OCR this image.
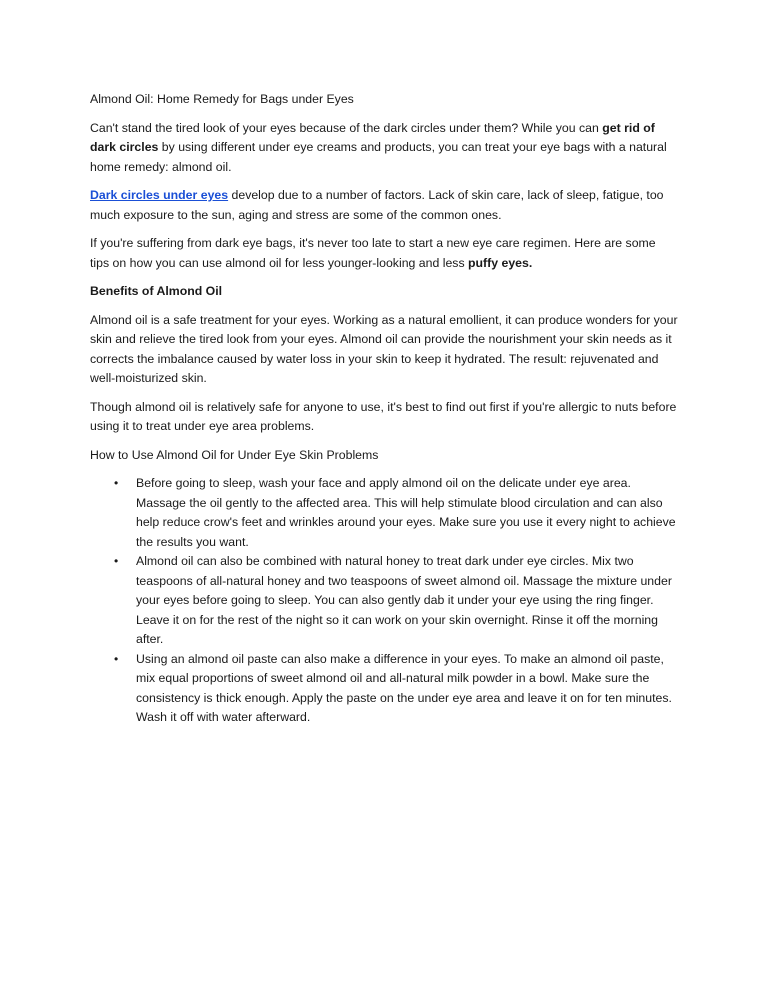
Almond Oil: Home Remedy for Bags under Eyes

Can't stand the tired look of your eyes because of the dark circles under them? While you can get rid of dark circles by using different under eye creams and products, you can treat your eye bags with a natural home remedy: almond oil.

Dark circles under eyes develop due to a number of factors. Lack of skin care, lack of sleep, fatigue, too much exposure to the sun, aging and stress are some of the common ones.

If you're suffering from dark eye bags, it's never too late to start a new eye care regimen. Here are some tips on how you can use almond oil for less younger-looking and less puffy eyes.

Benefits of Almond Oil

Almond oil is a safe treatment for your eyes. Working as a natural emollient, it can produce wonders for your skin and relieve the tired look from your eyes. Almond oil can provide the nourishment your skin needs as it corrects the imbalance caused by water loss in your skin to keep it hydrated. The result: rejuvenated and well-moisturized skin.

Though almond oil is relatively safe for anyone to use, it's best to find out first if you're allergic to nuts before using it to treat under eye area problems.

How to Use Almond Oil for Under Eye Skin Problems

• Before going to sleep, wash your face and apply almond oil on the delicate under eye area. Massage the oil gently to the affected area. This will help stimulate blood circulation and can also help reduce crow's feet and wrinkles around your eyes. Make sure you use it every night to achieve the results you want.
• Almond oil can also be combined with natural honey to treat dark under eye circles. Mix two teaspoons of all-natural honey and two teaspoons of sweet almond oil. Massage the mixture under your eyes before going to sleep. You can also gently dab it under your eye using the ring finger. Leave it on for the rest of the night so it can work on your skin overnight. Rinse it off the morning after.
• Using an almond oil paste can also make a difference in your eyes. To make an almond oil paste, mix equal proportions of sweet almond oil and all-natural milk powder in a bowl. Make sure the consistency is thick enough. Apply the paste on the under eye area and leave it on for ten minutes. Wash it off with water afterward.
